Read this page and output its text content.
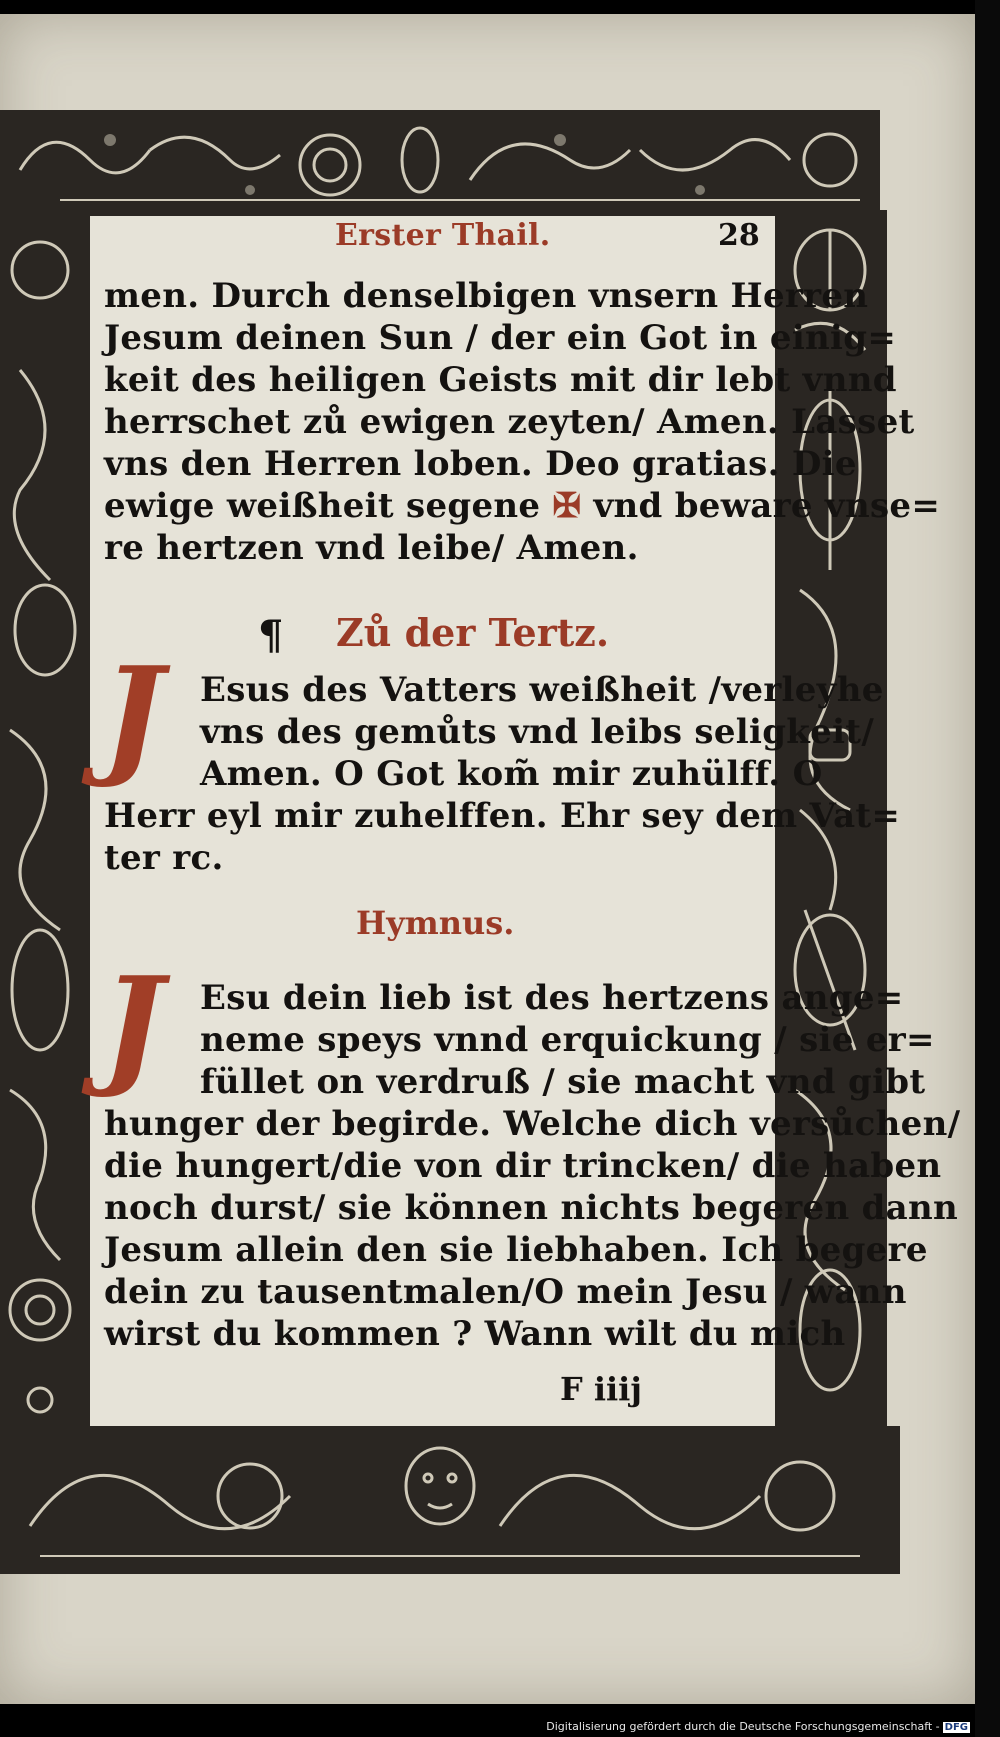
Erster Thail.	28
men. Durch denselbigen vnsern Herren
Jesum deinen Sun / der ein Got in einig=
keit des heiligen Geists mit dir lebt vnnd
herrschet zů ewigen zeyten/ Amen. Lasset
vns den Herren loben. Deo gratias. Die
ewige weißheit segene ✠ vnd beware vnse=
re hertzen vnd leibe/ Amen.
¶ Zů der Tertz.
J Esus des Vatters weißheit /verleyhe
vns des gemůts vnd leibs seligkeit/
Amen. O Got kom̃ mir zuhülff. O
Herr eyl mir zuhelffen. Ehr sey dem Vat=
ter rc.
Hymnus.
J Esu dein lieb ist des hertzens ange=
neme speys vnnd erquickung / sie er=
füllet on verdruß / sie macht vnd gibt
hunger der begirde. Welche dich versůchen/
die hungert/die von dir trincken/ die haben
noch durst/ sie können nichts begeren dann
Jesum allein den sie liebhaben. Ich begere
dein zu tausentmalen/O mein Jesu / wann
wirst du kommen ? Wann wilt du mich
F iiij
Digitalisierung gefördert durch die Deutsche Forschungsgemeinschaft - DFG
